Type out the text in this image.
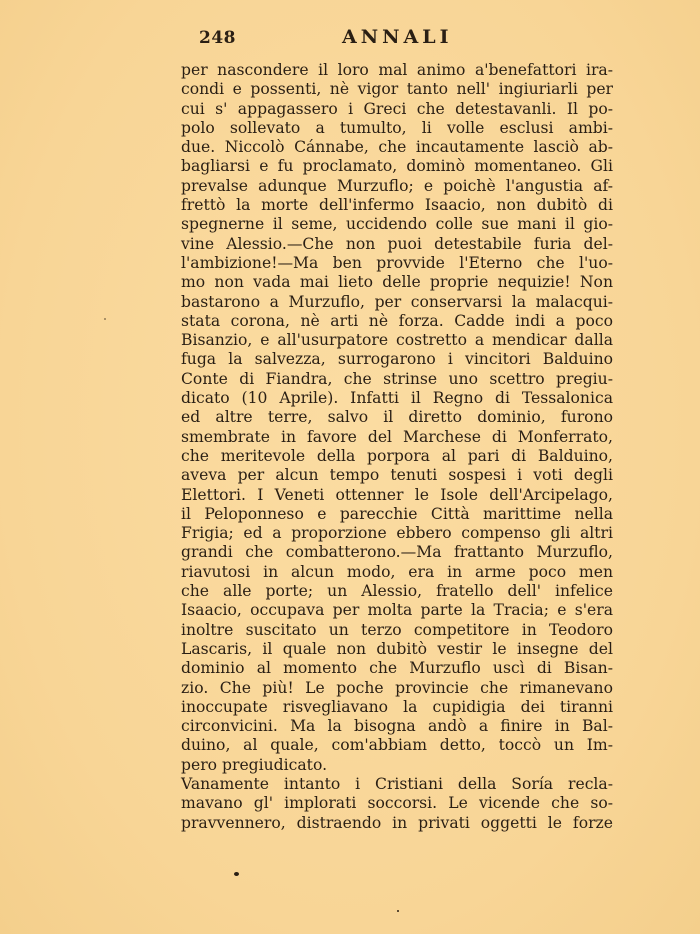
248	ANNALI
per nascondere il loro mal animo a'benefattori ira-
condi e possenti, nè vigor tanto nell' ingiuriarli per
cui s' appagassero i Greci che detestavanli. Il po-
polo sollevato a tumulto, li volle esclusi ambi-
due. Niccolò Cánnabe, che incautamente lasciò ab-
bagliarsi e fu proclamato, dominò momentaneo. Gli
prevalse adunque Murzuflo; e poichè l'angustia af-
frettò la morte dell'infermo Isaacio, non dubitò di
spegnerne il seme, uccidendo colle sue mani il gio-
vine Alessio.—Che non puoi detestabile furia del-
l'ambizione!—Ma ben provvide l'Eterno che l'uo-
mo non vada mai lieto delle proprie nequizie! Non
bastarono a Murzuflo, per conservarsi la malacqui-
stata corona, nè arti nè forza. Cadde indi a poco
Bisanzio, e all'usurpatore costretto a mendicar dalla
fuga la salvezza, surrogarono i vincitori Balduino
Conte di Fiandra, che strinse uno scettro pregiu-
dicato (10 Aprile). Infatti il Regno di Tessalonica
ed altre terre, salvo il diretto dominio, furono
smembrate in favore del Marchese di Monferrato,
che meritevole della porpora al pari di Balduino,
aveva per alcun tempo tenuti sospesi i voti degli
Elettori. I Veneti ottenner le Isole dell'Arcipelago,
il Peloponneso e parecchie Città marittime nella
Frigia; ed a proporzione ebbero compenso gli altri
grandi che combatterono.—Ma frattanto Murzuflo,
riavutosi in alcun modo, era in arme poco men
che alle porte; un Alessio, fratello dell' infelice
Isaacio, occupava per molta parte la Tracia; e s'era
inoltre suscitato un terzo competitore in Teodoro
Lascaris, il quale non dubitò vestir le insegne del
dominio al momento che Murzuflo uscì di Bisan-
zio. Che più! Le poche provincie che rimanevano
inoccupate risvegliavano la cupidigia dei tiranni
circonvicini. Ma la bisogna andò a finire in Bal-
duino, al quale, com'abbiam detto, toccò un Im-
pero pregiudicato.
Vanamente intanto i Cristiani della Soría recla-
mavano gl' implorati soccorsi. Le vicende che so-
pravvennero, distraendo in privati oggetti le forze
